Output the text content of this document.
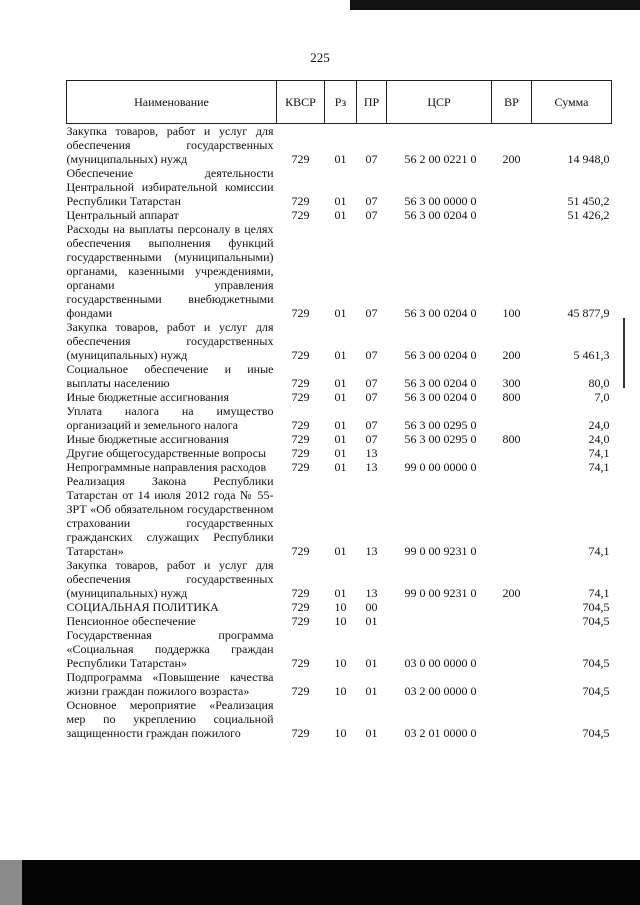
225
Наименование	КВСР	Рз	ПР	ЦСР	ВР	Сумма
Закупка товаров, работ и услуг для обеспечения государственных (муниципальных) нужд	729	01	07	56 2 00 0221 0	200	14 948,0
Обеспечение деятельности Центральной избирательной комиссии Республики Татарстан	729	01	07	56 3 00 0000 0		51 450,2
Центральный аппарат	729	01	07	56 3 00 0204 0		51 426,2
Расходы на выплаты персоналу в целях обеспечения выполнения функций государственными (муниципальными) органами, казенными учреждениями, органами управления государственными внебюджетными фондами	729	01	07	56 3 00 0204 0	100	45 877,9
Закупка товаров, работ и услуг для обеспечения государственных (муниципальных) нужд	729	01	07	56 3 00 0204 0	200	5 461,3
Социальное обеспечение и иные выплаты населению	729	01	07	56 3 00 0204 0	300	80,0
Иные бюджетные ассигнования	729	01	07	56 3 00 0204 0	800	7,0
Уплата налога на имущество организаций и земельного налога	729	01	07	56 3 00 0295 0		24,0
Иные бюджетные ассигнования	729	01	07	56 3 00 0295 0	800	24,0
Другие общегосударственные вопросы	729	01	13			74,1
Непрограммные направления расходов	729	01	13	99 0 00 0000 0		74,1
Реализация Закона Республики Татарстан от 14 июля 2012 года № 55-ЗРТ «Об обязательном государственном страховании государственных гражданских служащих Республики Татарстан»	729	01	13	99 0 00 9231 0		74,1
Закупка товаров, работ и услуг для обеспечения государственных (муниципальных) нужд	729	01	13	99 0 00 9231 0	200	74,1
СОЦИАЛЬНАЯ ПОЛИТИКА	729	10	00			704,5
Пенсионное обеспечение	729	10	01			704,5
Государственная программа «Социальная поддержка граждан Республики Татарстан»	729	10	01	03 0 00 0000 0		704,5
Подпрограмма «Повышение качества жизни граждан пожилого возраста»	729	10	01	03 2 00 0000 0		704,5
Основное мероприятие «Реализация мер по укреплению социальной защищенности граждан пожилого	729	10	01	03 2 01 0000 0		704,5
